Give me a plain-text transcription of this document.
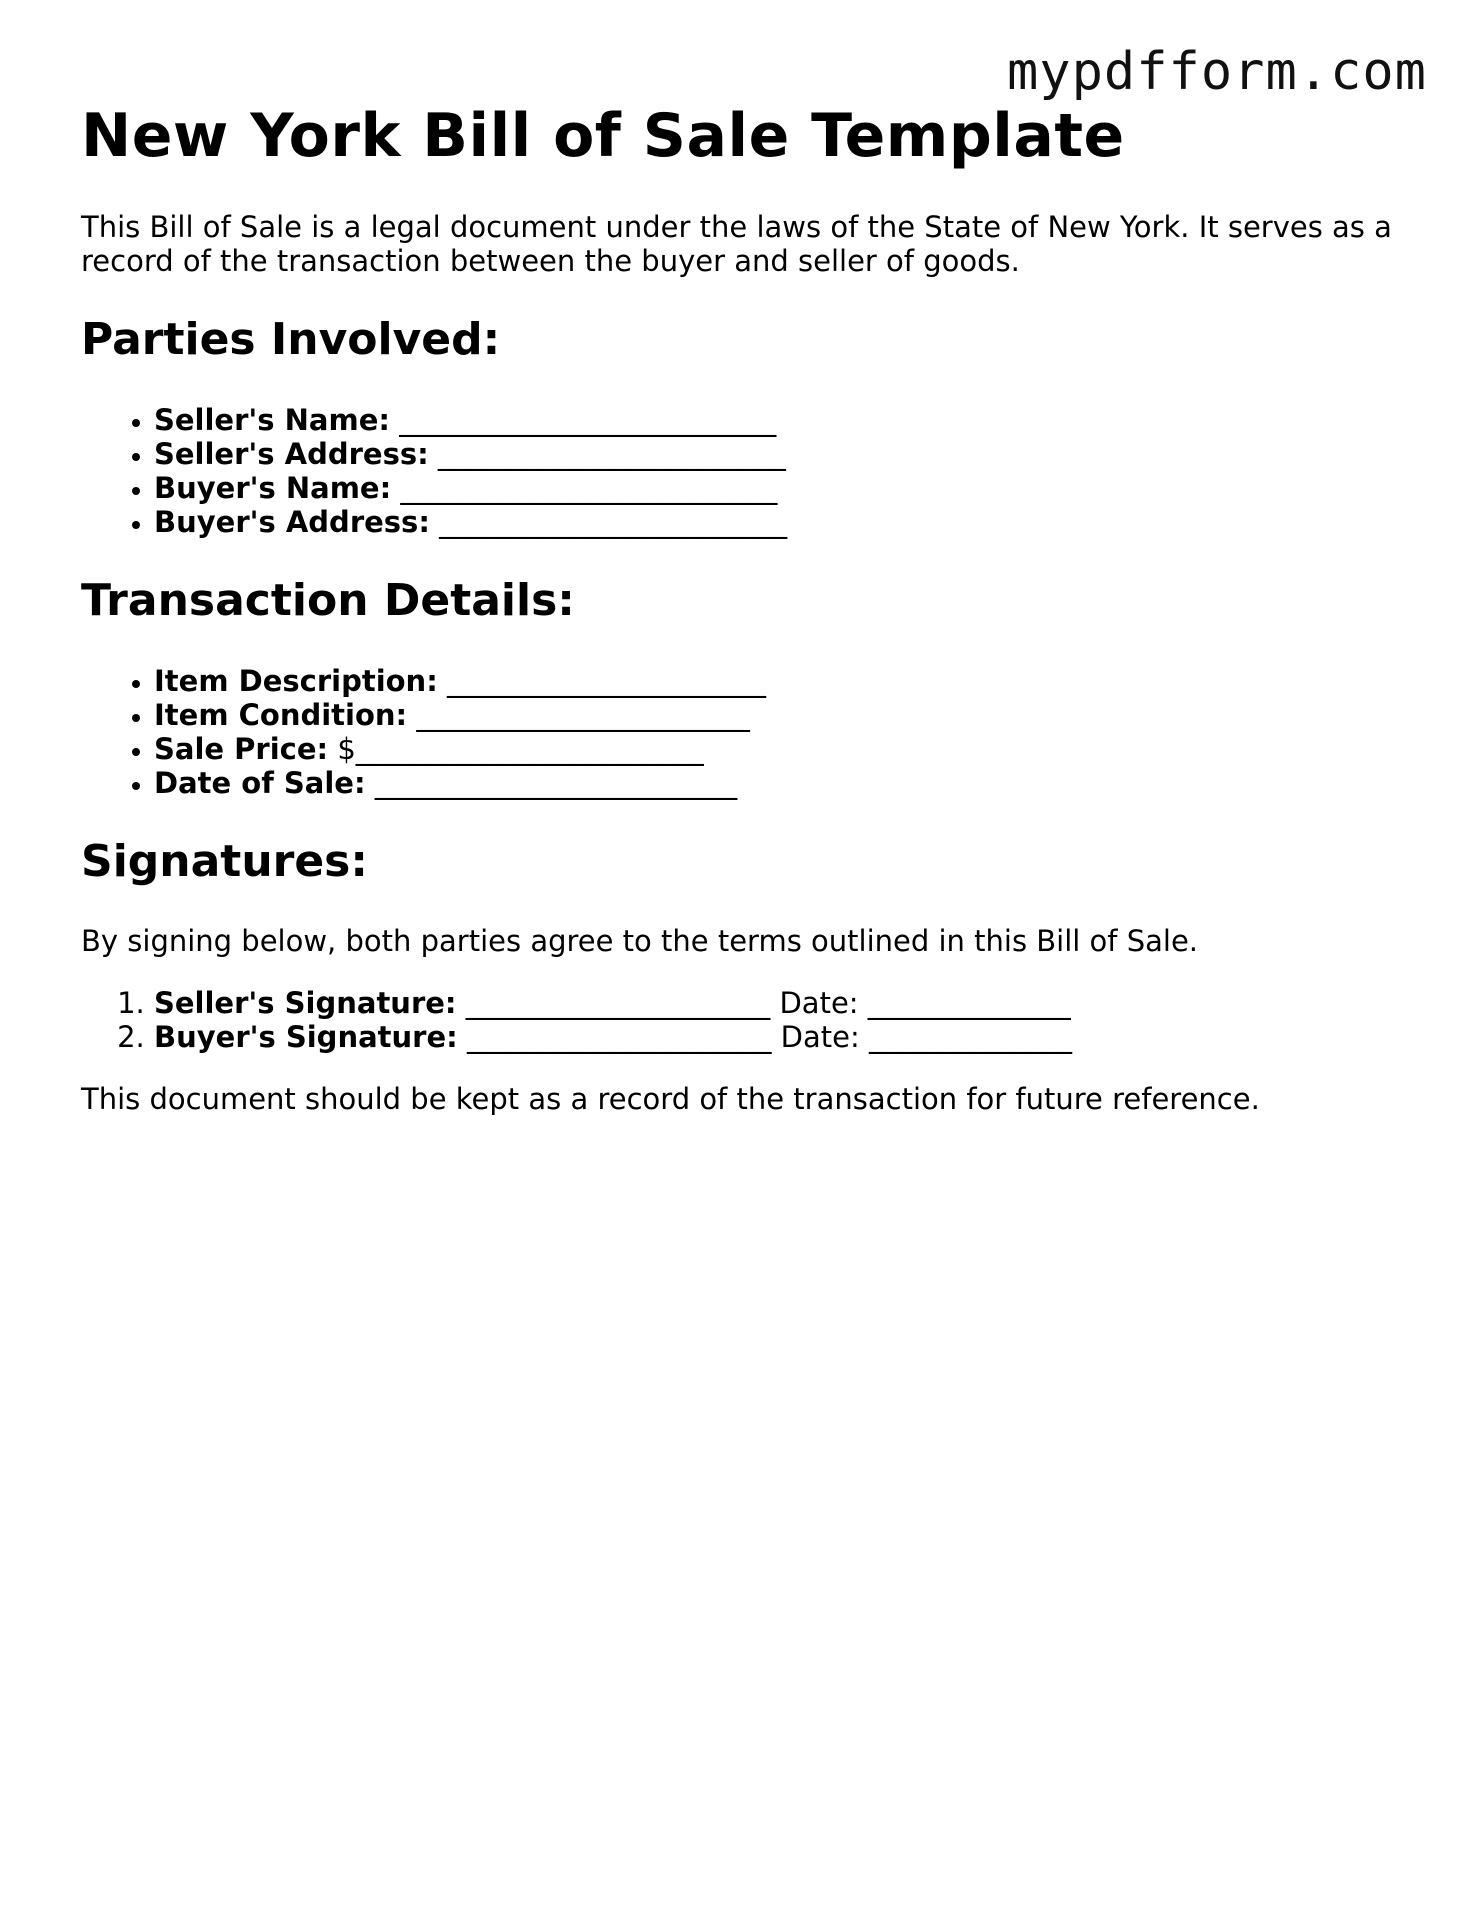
mypdfform.com
New York Bill of Sale Template

This Bill of Sale is a legal document under the laws of the State of New York. It serves as a record of the transaction between the buyer and seller of goods.

Parties Involved:
• Seller's Name: __________________________
• Seller's Address: ________________________
• Buyer's Name: __________________________
• Buyer's Address: ________________________
Transaction Details:
• Item Description: ______________________
• Item Condition: _______________________
• Sale Price: $________________________
• Date of Sale: _________________________
Signatures:

By signing below, both parties agree to the terms outlined in this Bill of Sale.

1. Seller's Signature: _____________________ Date: ______________
2. Buyer's Signature: _____________________ Date: ______________

This document should be kept as a record of the transaction for future reference.
